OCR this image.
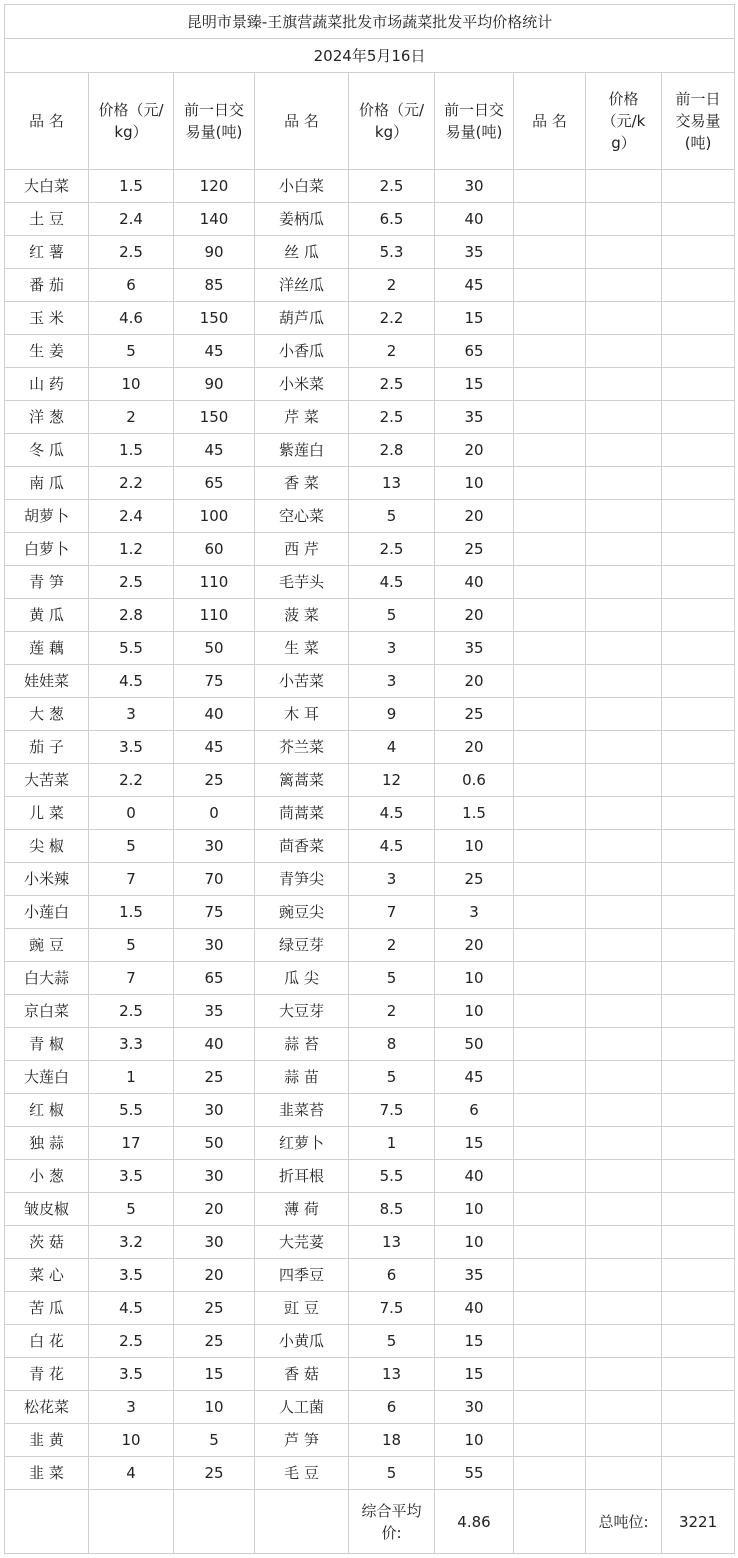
昆明市景臻-王旗营蔬菜批发市场蔬菜批发平均价格统计								
2024年5月16日								
品 名	价格（元/kg）	前一日交易量(吨)	品 名	价格（元/kg）	前一日交易量(吨)	品 名	价格（元/kg）	前一日交易量(吨)
大白菜	1.5	120	小白菜	2.5	30			
土 豆	2.4	140	姜柄瓜	6.5	40			
红 薯	2.5	90	丝 瓜	5.3	35			
番 茄	6	85	洋丝瓜	2	45			
玉 米	4.6	150	葫芦瓜	2.2	15			
生 姜	5	45	小香瓜	2	65			
山 药	10	90	小米菜	2.5	15			
洋 葱	2	150	芹 菜	2.5	35			
冬 瓜	1.5	45	紫莲白	2.8	20			
南 瓜	2.2	65	香 菜	13	10			
胡萝卜	2.4	100	空心菜	5	20			
白萝卜	1.2	60	西 芹	2.5	25			
青 笋	2.5	110	毛芋头	4.5	40			
黄 瓜	2.8	110	菠 菜	5	20			
莲 藕	5.5	50	生 菜	3	35			
娃娃菜	4.5	75	小苦菜	3	20			
大 葱	3	40	木 耳	9	25			
茄 子	3.5	45	芥兰菜	4	20			
大苦菜	2.2	25	篱蒿菜	12	0.6			
儿 菜	0	0	茼蒿菜	4.5	1.5			
尖 椒	5	30	茴香菜	4.5	10			
小米辣	7	70	青笋尖	3	25			
小莲白	1.5	75	豌豆尖	7	3			
豌 豆	5	30	绿豆芽	2	20			
白大蒜	7	65	瓜 尖	5	10			
京白菜	2.5	35	大豆芽	2	10			
青 椒	3.3	40	蒜 苔	8	50			
大莲白	1	25	蒜 苗	5	45			
红 椒	5.5	30	韭菜苔	7.5	6			
独 蒜	17	50	红萝卜	1	15			
小 葱	3.5	30	折耳根	5.5	40			
皱皮椒	5	20	薄 荷	8.5	10			
茨 菇	3.2	30	大芫荽	13	10			
菜 心	3.5	20	四季豆	6	35			
苦 瓜	4.5	25	豇 豆	7.5	40			
白 花	2.5	25	小黄瓜	5	15			
青 花	3.5	15	香 菇	13	15			
松花菜	3	10	人工菌	6	30			
韭 黄	10	5	芦 笋	18	10			
韭 菜	4	25	毛 豆	5	55			
				综合平均价:	4.86		总吨位:	3221
